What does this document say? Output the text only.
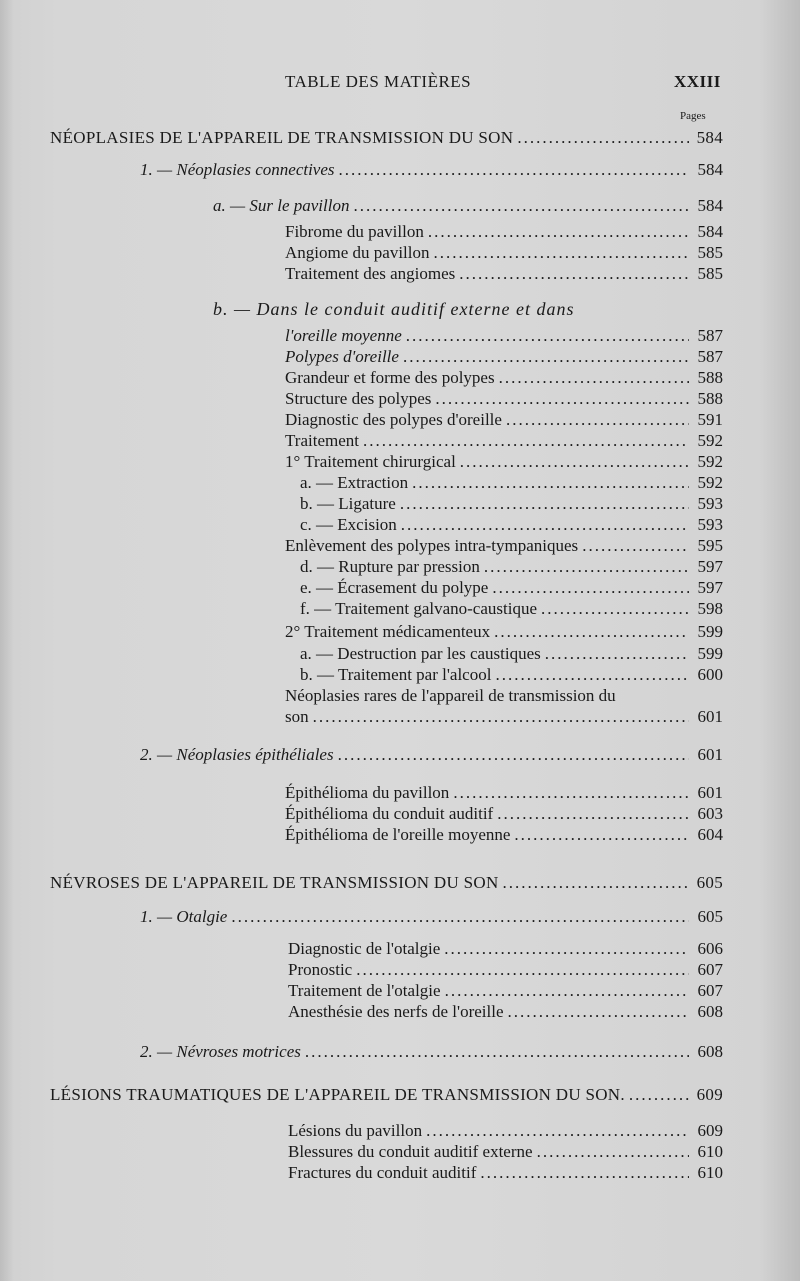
TABLE DES MATIÈRES	XXIII
Pages
NÉOPLASIES DE L'APPAREIL DE TRANSMISSION DU SON .....	584
1. — Néoplasies connectives .....	584
a. — Sur le pavillon .....	584
Fibrome du pavillon .....	584
Angiome du pavillon .....	585
Traitement des angiomes .....	585
b. — Dans le conduit auditif externe et dans
l'oreille moyenne .....	587
Polypes d'oreille .....	587
Grandeur et forme des polypes .....	588
Structure des polypes .....	588
Diagnostic des polypes d'oreille .....	591
Traitement .....	592
1° Traitement chirurgical .....	592
a. — Extraction .....	592
b. — Ligature .....	593
c. — Excision .....	593
Enlèvement des polypes intra-tympaniques .....	595
d. — Rupture par pression .....	597
e. — Écrasement du polype .....	597
f. — Traitement galvano-caustique .....	598
2° Traitement médicamenteux .....	599
a. — Destruction par les caustiques .....	599
b. — Traitement par l'alcool .....	600
Néoplasies rares de l'appareil de transmission du
son .....	601
2. — Néoplasies épithéliales .....	601
Épithélioma du pavillon .....	601
Épithélioma du conduit auditif .....	603
Épithélioma de l'oreille moyenne .....	604
NÉVROSES DE L'APPAREIL DE TRANSMISSION DU SON .....	605
1. — Otalgie .....	605
Diagnostic de l'otalgie .....	606
Pronostic .....	607
Traitement de l'otalgie .....	607
Anesthésie des nerfs de l'oreille .....	608
2. — Névroses motrices .....	608
LÉSIONS TRAUMATIQUES DE L'APPAREIL DE TRANSMISSION DU SON. .....	609
Lésions du pavillon .....	609
Blessures du conduit auditif externe .....	610
Fractures du conduit auditif .....	610
